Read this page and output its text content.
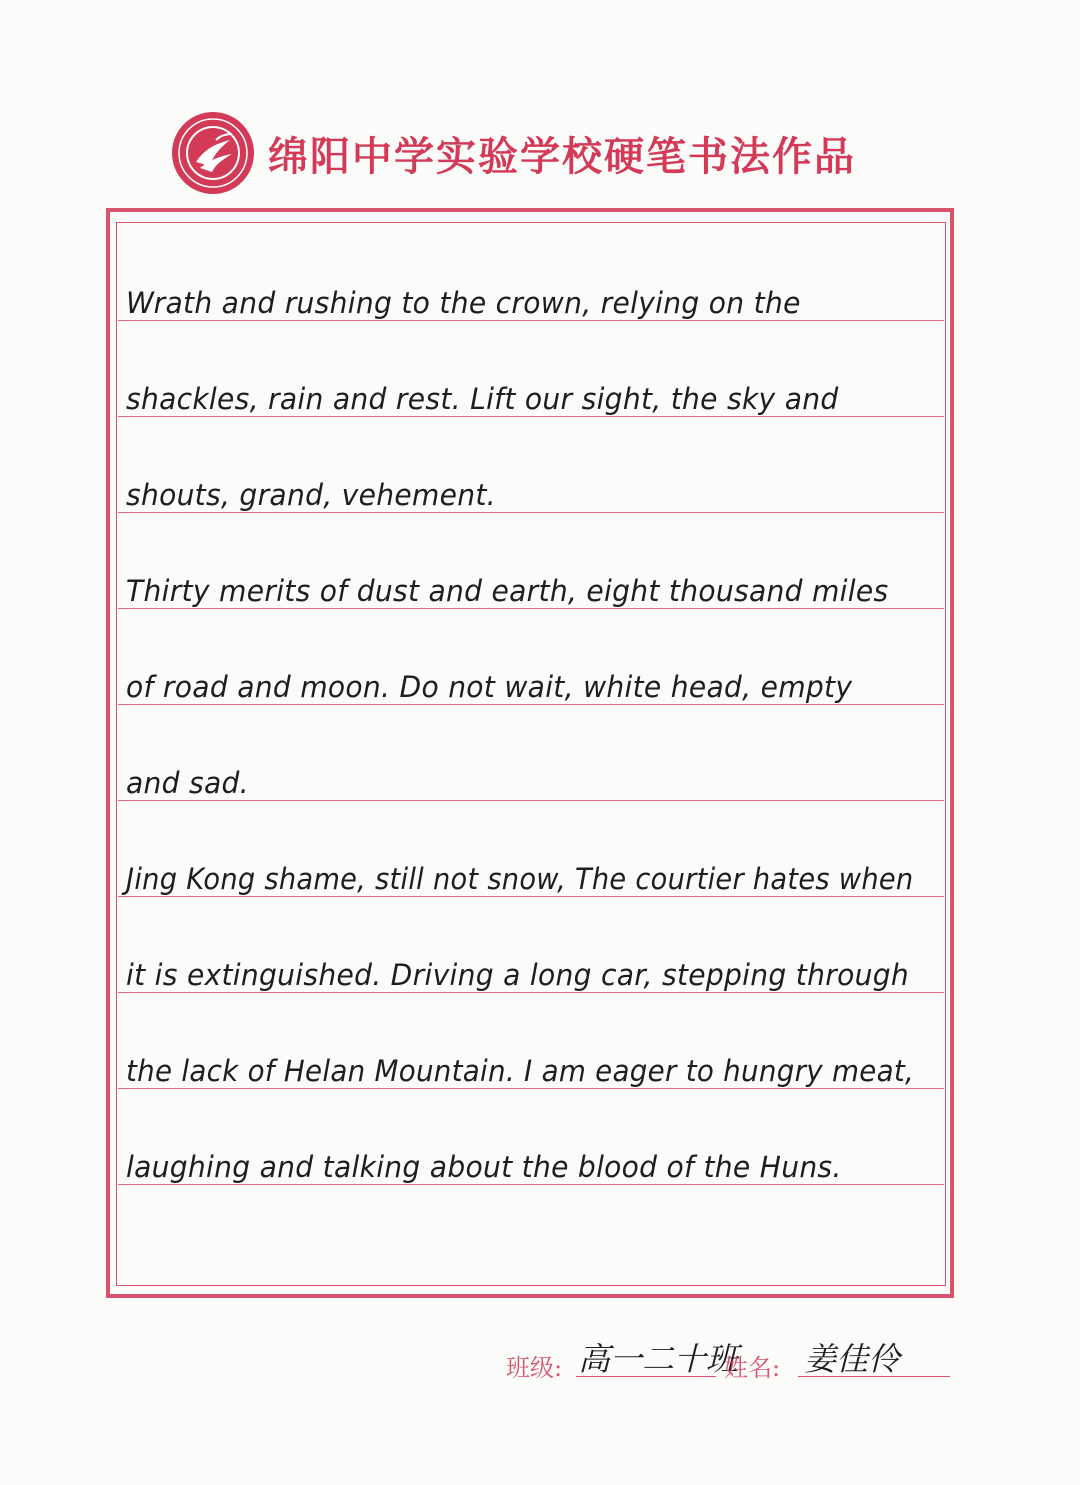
绵阳中学实验学校硬笔书法作品
Wrath and rushing to the crown, relying on the
shackles, rain and rest. Lift our sight, the sky and
shouts, grand, vehement.
Thirty merits of dust and earth, eight thousand miles
of road and moon. Do not wait, white head, empty
and sad.
Jing Kong shame, still not snow, The courtier hates when
it is extinguished. Driving a long car, stepping through
the lack of Helan Mountain. I am eager to hungry meat,
laughing and talking about the blood of the Huns.
班级: 高一二十班
姓名: 姜佳伶
